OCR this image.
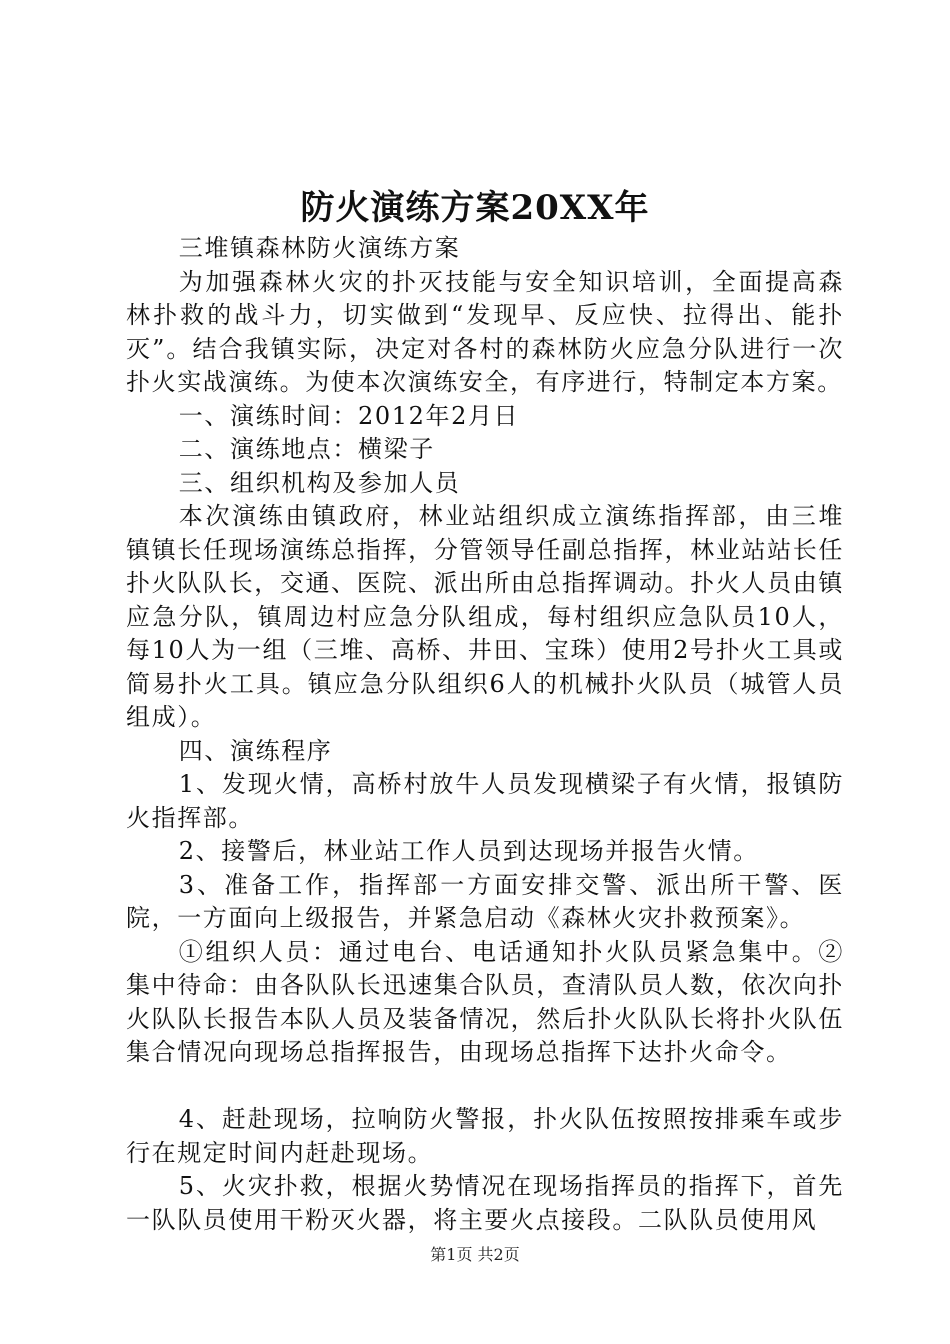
防火演练方案20XX年

三堆镇森林防火演练方案

为加强森林火灾的扑灭技能与安全知识培训，全面提高森林扑救的战斗力，切实做到“发现早、反应快、拉得出、能扑灭”。结合我镇实际，决定对各村的森林防火应急分队进行一次扑火实战演练。为使本次演练安全，有序进行，特制定本方案。

一、演练时间：2012年2月日

二、演练地点：横梁子

三、组织机构及参加人员

本次演练由镇政府，林业站组织成立演练指挥部，由三堆镇镇长任现场演练总指挥，分管领导任副总指挥，林业站站长任扑火队队长，交通、医院、派出所由总指挥调动。扑火人员由镇应急分队，镇周边村应急分队组成，每村组织应急队员10人，每10人为一组（三堆、高桥、井田、宝珠）使用2号扑火工具或简易扑火工具。镇应急分队组织6人的机械扑火队员（城管人员组成）。

四、演练程序

1、发现火情，高桥村放牛人员发现横梁子有火情，报镇防火指挥部。

2、接警后，林业站工作人员到达现场并报告火情。

3、准备工作，指挥部一方面安排交警、派出所干警、医院，一方面向上级报告，并紧急启动《森林火灾扑救预案》。

①组织人员：通过电台、电话通知扑火队员紧急集中。②集中待命：由各队队长迅速集合队员，查清队员人数，依次向扑火队队长报告本队人员及装备情况，然后扑火队队长将扑火队伍集合情况向现场总指挥报告，由现场总指挥下达扑火命令。

4、赶赴现场，拉响防火警报，扑火队伍按照按排乘车或步行在规定时间内赶赴现场。

5、火灾扑救，根据火势情况在现场指挥员的指挥下，首先一队队员使用干粉灭火器，将主要火点接段。二队队员使用风

第1页 共2页
